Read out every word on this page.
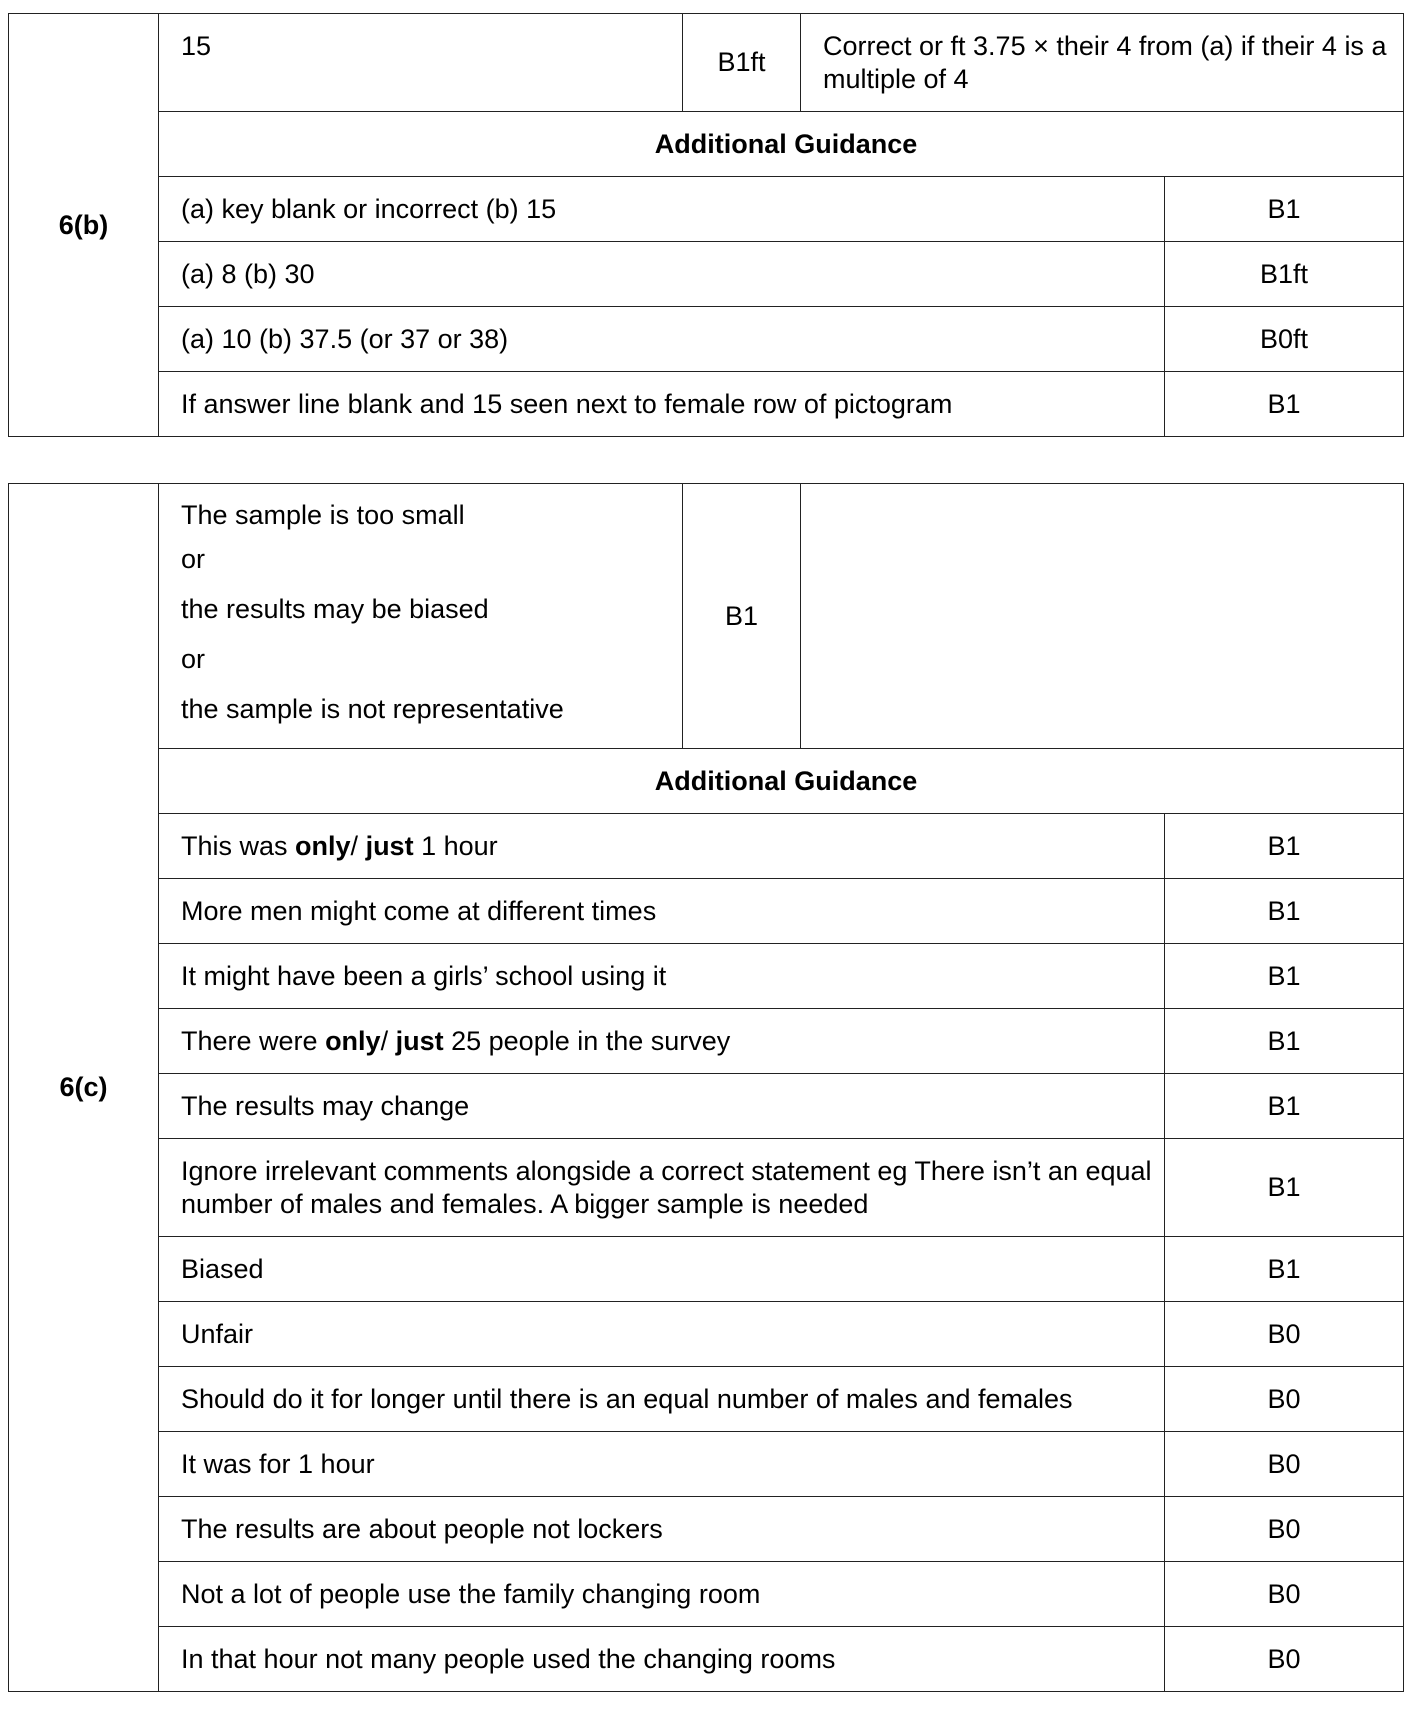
6(b)	15	B1ft	Correct or ft 3.75 × their 4 from (a) if their 4 is a multiple of 4	
	Additional Guidance			
	(a) key blank or incorrect (b) 15			B1
	(a) 8 (b) 30			B1ft
	(a) 10 (b) 37.5 (or 37 or 38)			B0ft
	If answer line blank and 15 seen next to female row of pictogram			B1
6(c)	The sample is too small
or
the results may be biased
or
the sample is not representative	B1		
	Additional Guidance			
	This was only/ just 1 hour			B1
	More men might come at different times			B1
	It might have been a girls’ school using it			B1
	There were only/ just 25 people in the survey			B1
	The results may change			B1
	Ignore irrelevant comments alongside a correct statement eg There isn’t an equal number of males and females. A bigger sample is needed			B1
	Biased			B1
	Unfair			B0
	Should do it for longer until there is an equal number of males and females			B0
	It was for 1 hour			B0
	The results are about people not lockers			B0
	Not a lot of people use the family changing room			B0
	In that hour not many people used the changing rooms			B0
